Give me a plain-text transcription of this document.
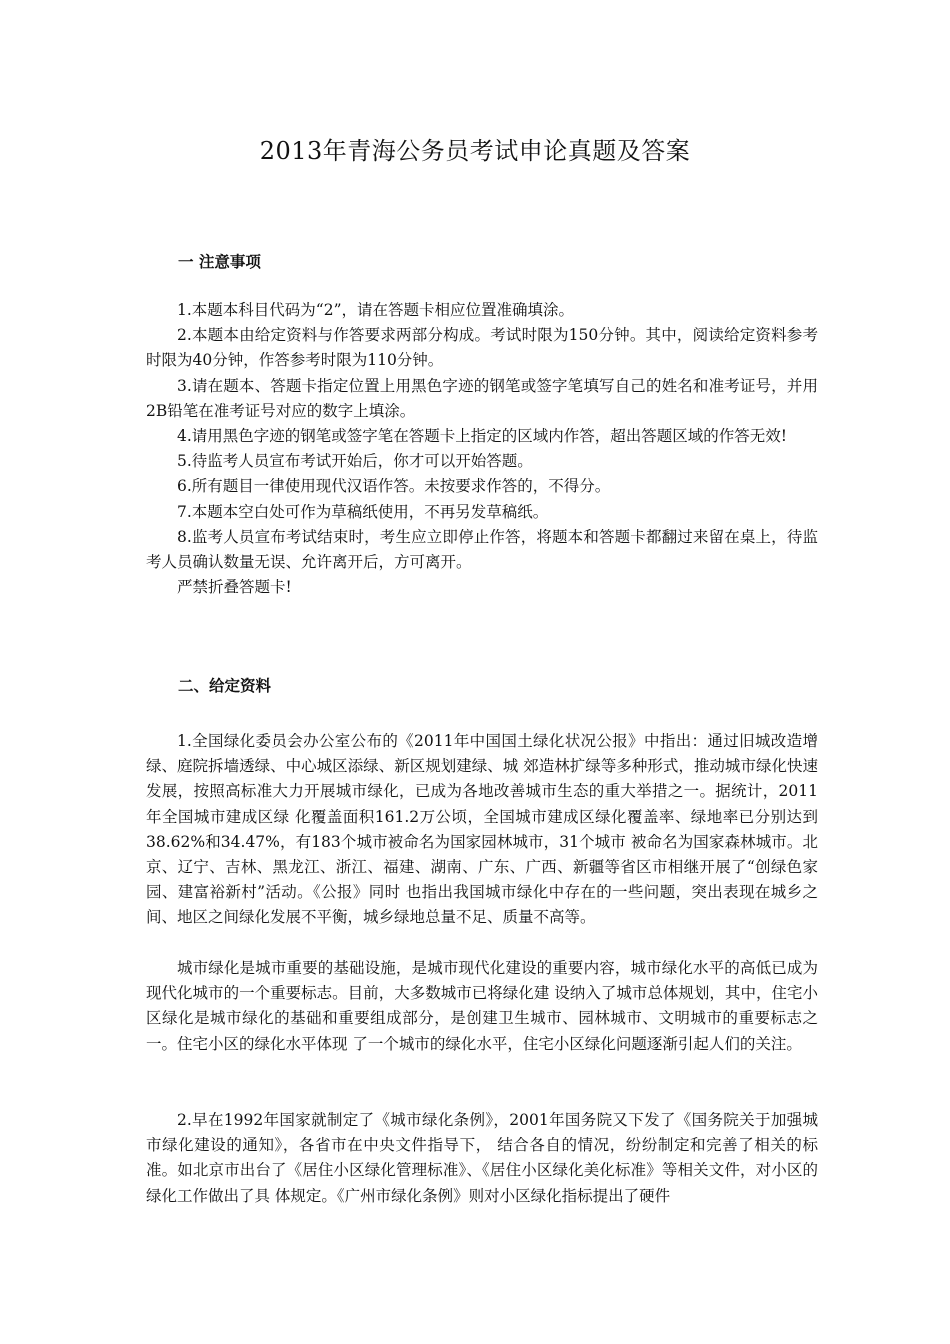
2013年青海公务员考试申论真题及答案
一 注意事项

1.本题本科目代码为“2”，请在答题卡相应位置准确填涂。

2.本题本由给定资料与作答要求两部分构成。考试时限为150分钟。其中，阅读给定资料参考时限为40分钟，作答参考时限为110分钟。

3.请在题本、答题卡指定位置上用黑色字迹的钢笔或签字笔填写自己的姓名和准考证号，并用2B铅笔在准考证号对应的数字上填涂。

4.请用黑色字迹的钢笔或签字笔在答题卡上指定的区域内作答，超出答题区域的作答无效!

5.待监考人员宣布考试开始后，你才可以开始答题。

6.所有题目一律使用现代汉语作答。未按要求作答的，不得分。

7.本题本空白处可作为草稿纸使用，不再另发草稿纸。

8.监考人员宣布考试结束时，考生应立即停止作答，将题本和答题卡都翻过来留在桌上，待监考人员确认数量无误、允许离开后，方可离开。

严禁折叠答题卡!

二、给定资料

1.全国绿化委员会办公室公布的《2011年中国国土绿化状况公报》中指出：通过旧城改造增绿、庭院拆墙透绿、中心城区添绿、新区规划建绿、城 郊造林扩绿等多种形式，推动城市绿化快速发展，按照高标准大力开展城市绿化，已成为各地改善城市生态的重大举措之一。据统计，2011年全国城市建成区绿 化覆盖面积161.2万公顷，全国城市建成区绿化覆盖率、绿地率已分别达到38.62%和34.47%，有183个城市被命名为国家园林城市，31个城市 被命名为国家森林城市。北京、辽宁、吉林、黑龙江、浙江、福建、湖南、广东、广西、新疆等省区市相继开展了“创绿色家园、建富裕新村”活动。《公报》同时 也指出我国城市绿化中存在的一些问题，突出表现在城乡之间、地区之间绿化发展不平衡，城乡绿地总量不足、质量不高等。

城市绿化是城市重要的基础设施，是城市现代化建设的重要内容，城市绿化水平的高低已成为现代化城市的一个重要标志。目前，大多数城市已将绿化建 设纳入了城市总体规划，其中，住宅小区绿化是城市绿化的基础和重要组成部分，是创建卫生城市、园林城市、文明城市的重要标志之一。住宅小区的绿化水平体现 了一个城市的绿化水平，住宅小区绿化问题逐渐引起人们的关注。

2.早在1992年国家就制定了《城市绿化条例》，2001年国务院又下发了《国务院关于加强城市绿化建设的通知》，各省市在中央文件指导下， 结合各自的情况，纷纷制定和完善了相关的标准。如北京市出台了《居住小区绿化管理标准》、《居住小区绿化美化标准》等相关文件，对小区的绿化工作做出了具 体规定。《广州市绿化条例》则对小区绿化指标提出了硬件
